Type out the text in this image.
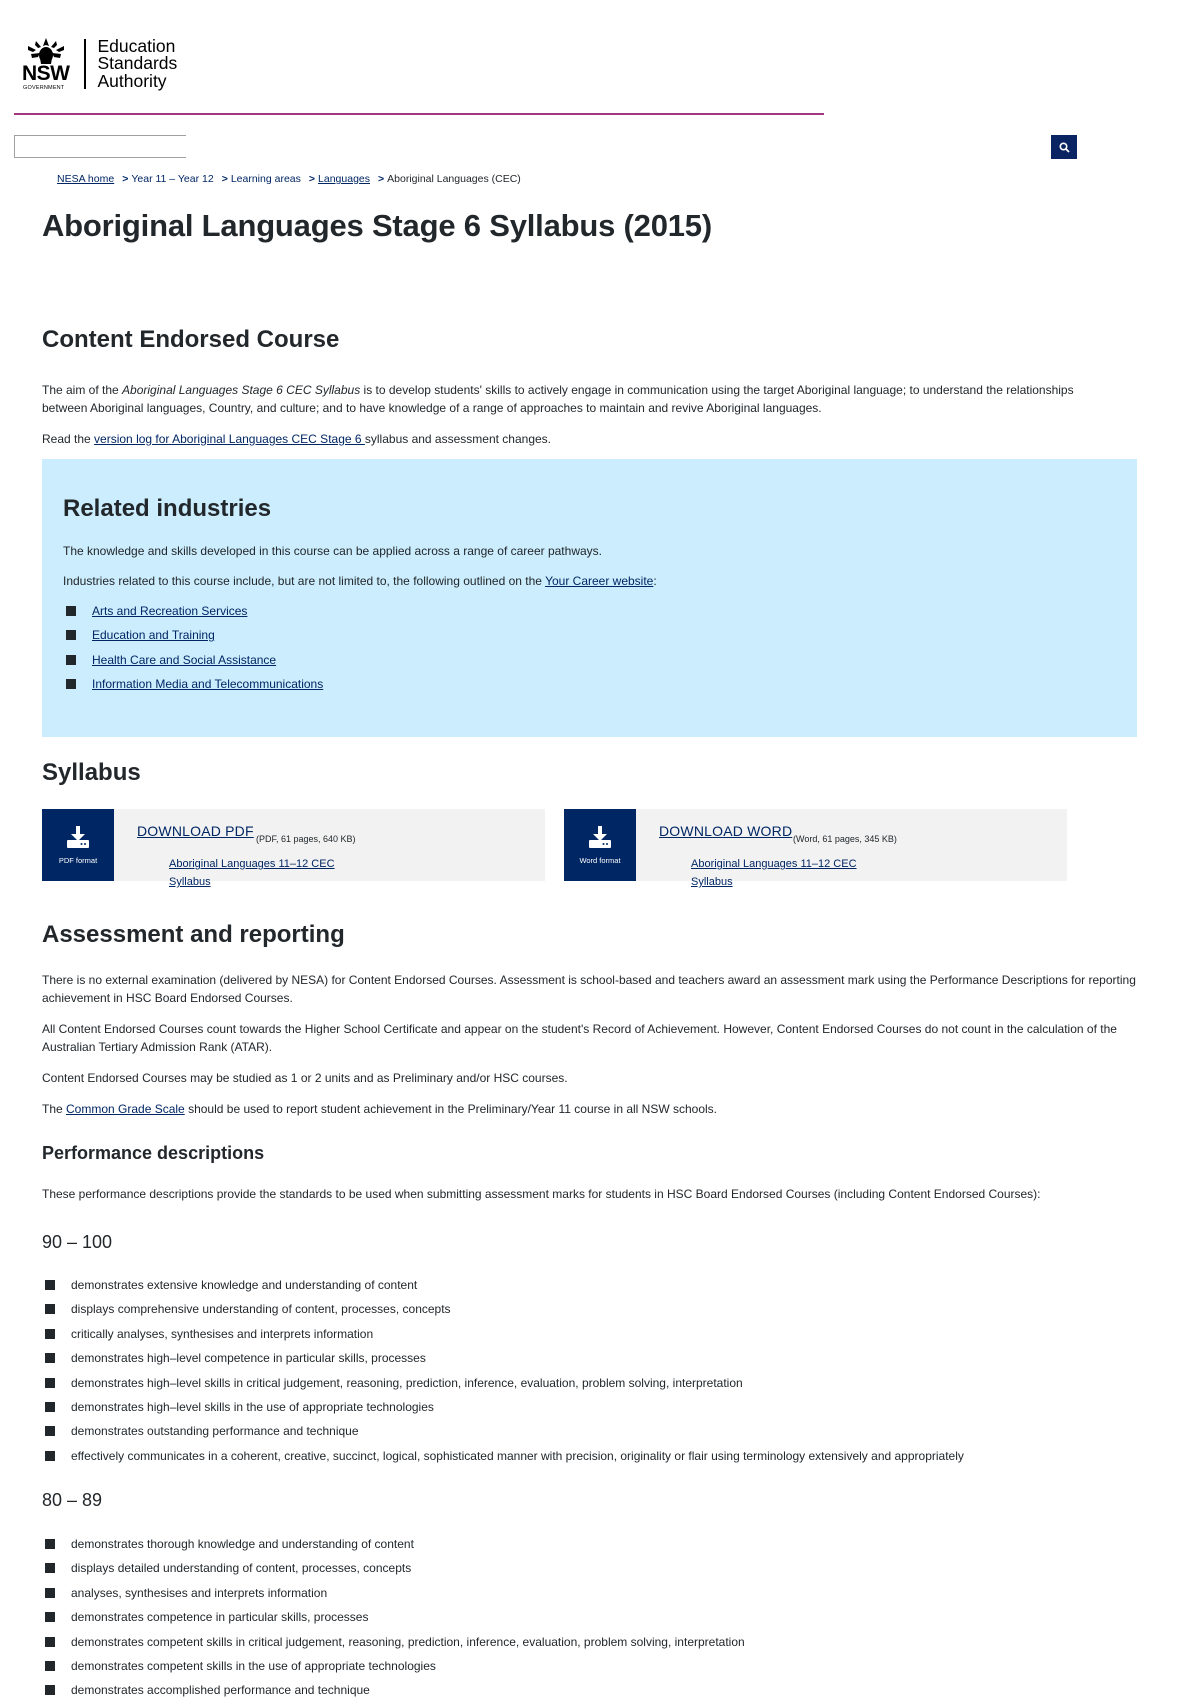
NSW
GOVERNMENT
Education
Standards
Authority
NESA home > Year 11 – Year 12 > Learning areas > Languages > Aboriginal Languages (CEC)
Aboriginal Languages Stage 6 Syllabus (2015)
Content Endorsed Course

The aim of the Aboriginal Languages Stage 6 CEC Syllabus is to develop students' skills to actively engage in communication using the target Aboriginal language; to understand the relationships between Aboriginal languages, Country, and culture; and to have knowledge of a range of approaches to maintain and revive Aboriginal languages.

Read the version log for Aboriginal Languages CEC Stage 6 syllabus and assessment changes.

Related industries

The knowledge and skills developed in this course can be applied across a range of career pathways.

Industries related to this course include, but are not limited to, the following outlined on the Your Career website:

Arts and Recreation Services
Education and Training
Health Care and Social Assistance
Information Media and Telecommunications
Syllabus
PDF format
DOWNLOAD PDF (PDF, 61 pages, 640 KB)
Aboriginal Languages 11–12 CEC
Syllabus
Word format
DOWNLOAD WORD (Word, 61 pages, 345 KB)
Aboriginal Languages 11–12 CEC
Syllabus
Assessment and reporting

There is no external examination (delivered by NESA) for Content Endorsed Courses. Assessment is school-based and teachers award an assessment mark using the Performance Descriptions for reporting achievement in HSC Board Endorsed Courses.

All Content Endorsed Courses count towards the Higher School Certificate and appear on the student's Record of Achievement. However, Content Endorsed Courses do not count in the calculation of the Australian Tertiary Admission Rank (ATAR).

Content Endorsed Courses may be studied as 1 or 2 units and as Preliminary and/or HSC courses.

The Common Grade Scale should be used to report student achievement in the Preliminary/Year 11 course in all NSW schools.

Performance descriptions

These performance descriptions provide the standards to be used when submitting assessment marks for students in HSC Board Endorsed Courses (including Content Endorsed Courses):

90 – 100
demonstrates extensive knowledge and understanding of content
displays comprehensive understanding of content, processes, concepts
critically analyses, synthesises and interprets information
demonstrates high–level competence in particular skills, processes
demonstrates high–level skills in critical judgement, reasoning, prediction, inference, evaluation, problem solving, interpretation
demonstrates high–level skills in the use of appropriate technologies
demonstrates outstanding performance and technique
effectively communicates in a coherent, creative, succinct, logical, sophisticated manner with precision, originality or flair using terminology extensively and appropriately
80 – 89
demonstrates thorough knowledge and understanding of content
displays detailed understanding of content, processes, concepts
analyses, synthesises and interprets information
demonstrates competence in particular skills, processes
demonstrates competent skills in critical judgement, reasoning, prediction, inference, evaluation, problem solving, interpretation
demonstrates competent skills in the use of appropriate technologies
demonstrates accomplished performance and technique
